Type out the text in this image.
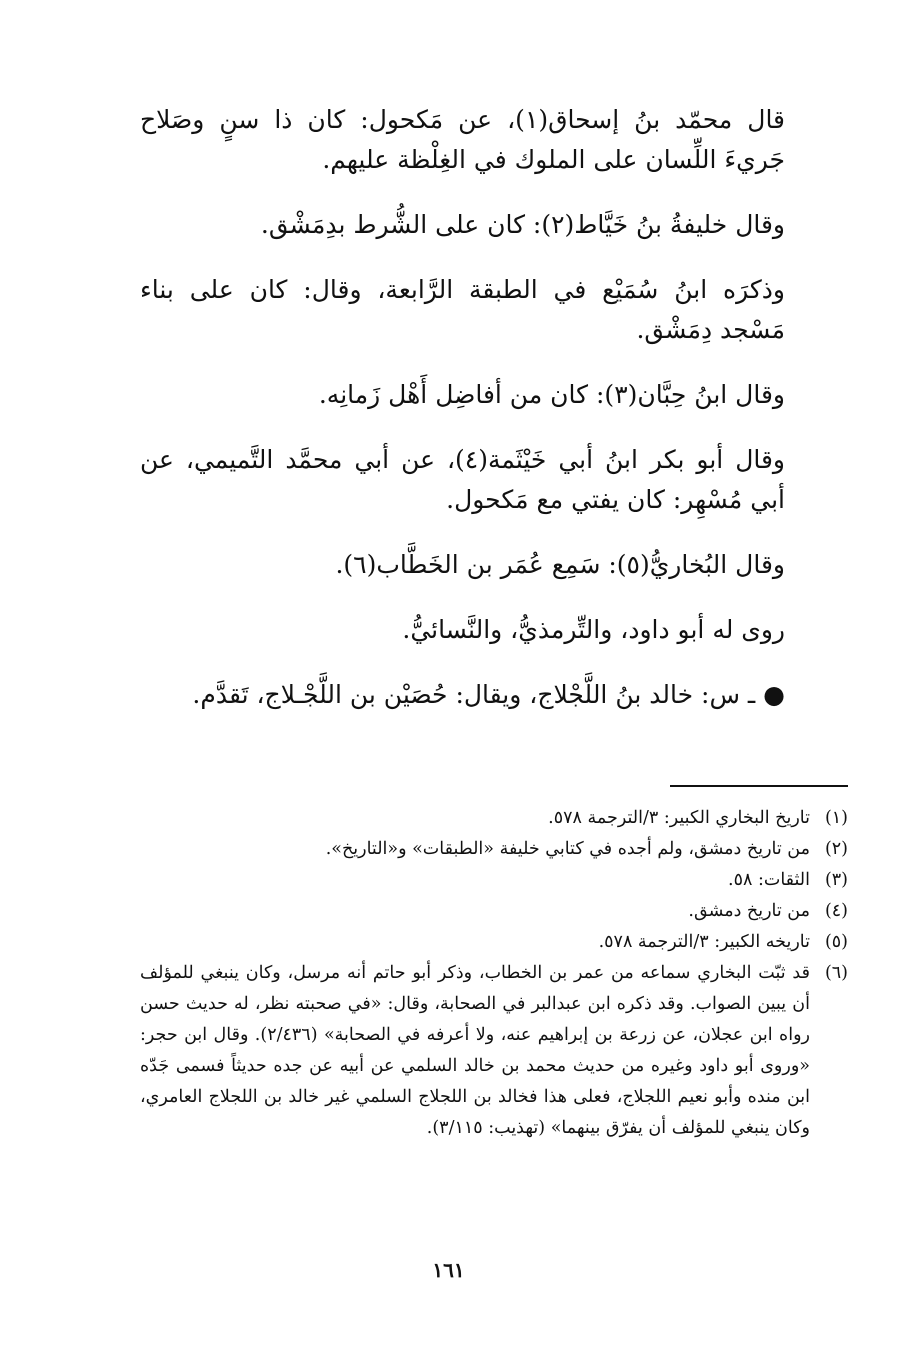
قال محمّد بنُ إسحاق(١)، عن مَكحول: كان ذا سنٍ وصَلاح جَريءَ اللِّسان على الملوك في الغِلْظة عليهم.

وقال خليفةُ بنُ خَيَّاط(٢): كان على الشُّرط بدِمَشْق.

وذكرَه ابنُ سُمَيْع في الطبقة الرَّابعة، وقال: كان على بناء مَسْجد دِمَشْق.

وقال ابنُ حِبَّان(٣): كان من أفاضِل أَهْل زَمانِه.

وقال أبو بكر ابنُ أبي خَيْثَمة(٤)، عن أبي محمَّد التَّميمي، عن أبي مُسْهِر: كان يفتي مع مَكحول.

وقال البُخاريُّ(٥): سَمِع عُمَر بن الخَطَّاب(٦).

روى له أبو داود، والتِّرمذيُّ، والنَّسائيُّ.

● ـ س: خالد بنُ اللَّجْلاج، ويقال: حُصَيْن بن اللَّجْـلاج، تَقدَّم.

(١)
تاريخ البخاري الكبير: ٣/الترجمة ٥٧٨.
(٢)
من تاريخ دمشق، ولم أجده في كتابي خليفة «الطبقات» و«التاريخ».
(٣)
الثقات: ٥٨.
(٤)
من تاريخ دمشق.
(٥)
تاريخه الكبير: ٣/الترجمة ٥٧٨.
(٦)
قد ثبّت البخاري سماعه من عمر بن الخطاب، وذكر أبو حاتم أنه مرسل، وكان ينبغي للمؤلف أن يبين الصواب. وقد ذكره ابن عبدالبر في الصحابة، وقال: «في صحبته نظر، له حديث حسن رواه ابن عجلان، عن زرعة بن إبراهيم عنه، ولا أعرفه في الصحابة» (٢/٤٣٦). وقال ابن حجر: «وروى أبو داود وغيره من حديث محمد بن خالد السلمي عن أبيه عن جده حديثاً فسمى جَدّه ابن منده وأبو نعيم اللجلاج، فعلى هذا فخالد بن اللجلاج السلمي غير خالد بن اللجلاج العامري، وكان ينبغي للمؤلف أن يفرّق بينهما» (تهذيب: ٣/١١٥).
١٦١
